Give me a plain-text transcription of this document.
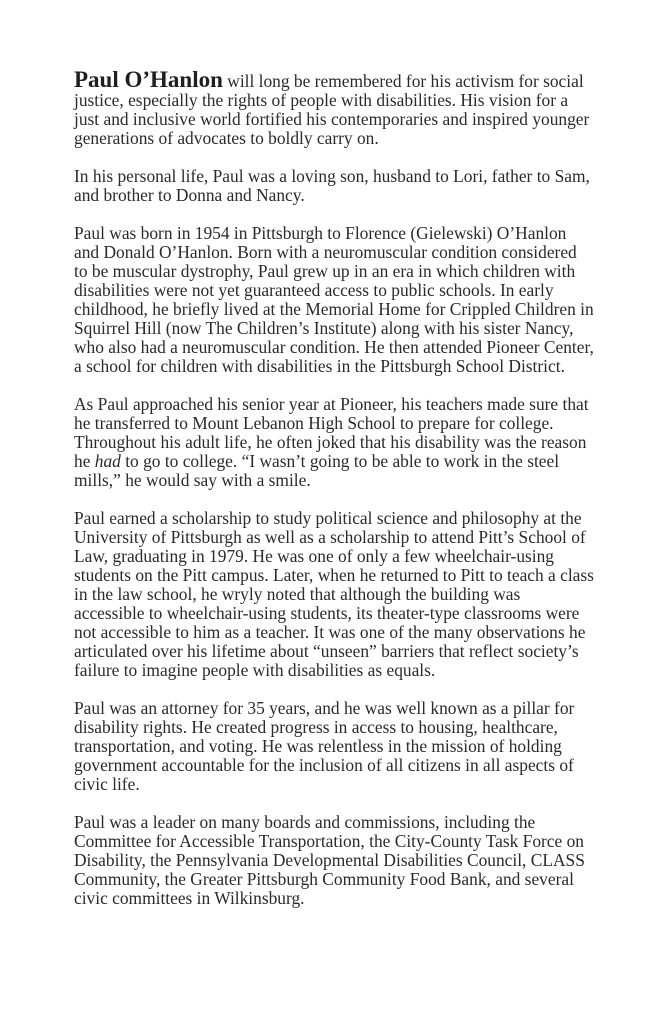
Paul O’Hanlon will long be remembered for his activism for social justice, especially the rights of people with disabilities. His vision for a just and inclusive world fortified his contemporaries and inspired younger generations of advocates to boldly carry on.

In his personal life, Paul was a loving son, husband to Lori, father to Sam, and brother to Donna and Nancy.

Paul was born in 1954 in Pittsburgh to Florence (Gielewski) O’Hanlon and Donald O’Hanlon. Born with a neuromuscular condition considered to be muscular dystrophy, Paul grew up in an era in which children with disabilities were not yet guaranteed access to public schools. In early childhood, he briefly lived at the Memorial Home for Crippled Children in Squirrel Hill (now The Children’s Institute) along with his sister Nancy, who also had a neuromuscular condition. He then attended Pioneer Center, a school for children with disabilities in the Pittsburgh School District.

As Paul approached his senior year at Pioneer, his teachers made sure that he transferred to Mount Lebanon High School to prepare for college. Throughout his adult life, he often joked that his disability was the reason he had to go to college. “I wasn’t going to be able to work in the steel mills,” he would say with a smile.

Paul earned a scholarship to study political science and philosophy at the University of Pittsburgh as well as a scholarship to attend Pitt’s School of Law, graduating in 1979. He was one of only a few wheelchair-using students on the Pitt campus. Later, when he returned to Pitt to teach a class in the law school, he wryly noted that although the building was accessible to wheelchair-using students, its theater-type classrooms were not accessible to him as a teacher. It was one of the many observations he articulated over his lifetime about “unseen” barriers that reflect society’s failure to imagine people with disabilities as equals.

Paul was an attorney for 35 years, and he was well known as a pillar for disability rights. He created progress in access to housing, healthcare, transportation, and voting. He was relentless in the mission of holding government accountable for the inclusion of all citizens in all aspects of civic life.

Paul was a leader on many boards and commissions, including the Committee for Accessible Transportation, the City-County Task Force on Disability, the Pennsylvania Developmental Disabilities Council, CLASS Community, the Greater Pittsburgh Community Food Bank, and several civic committees in Wilkinsburg.
